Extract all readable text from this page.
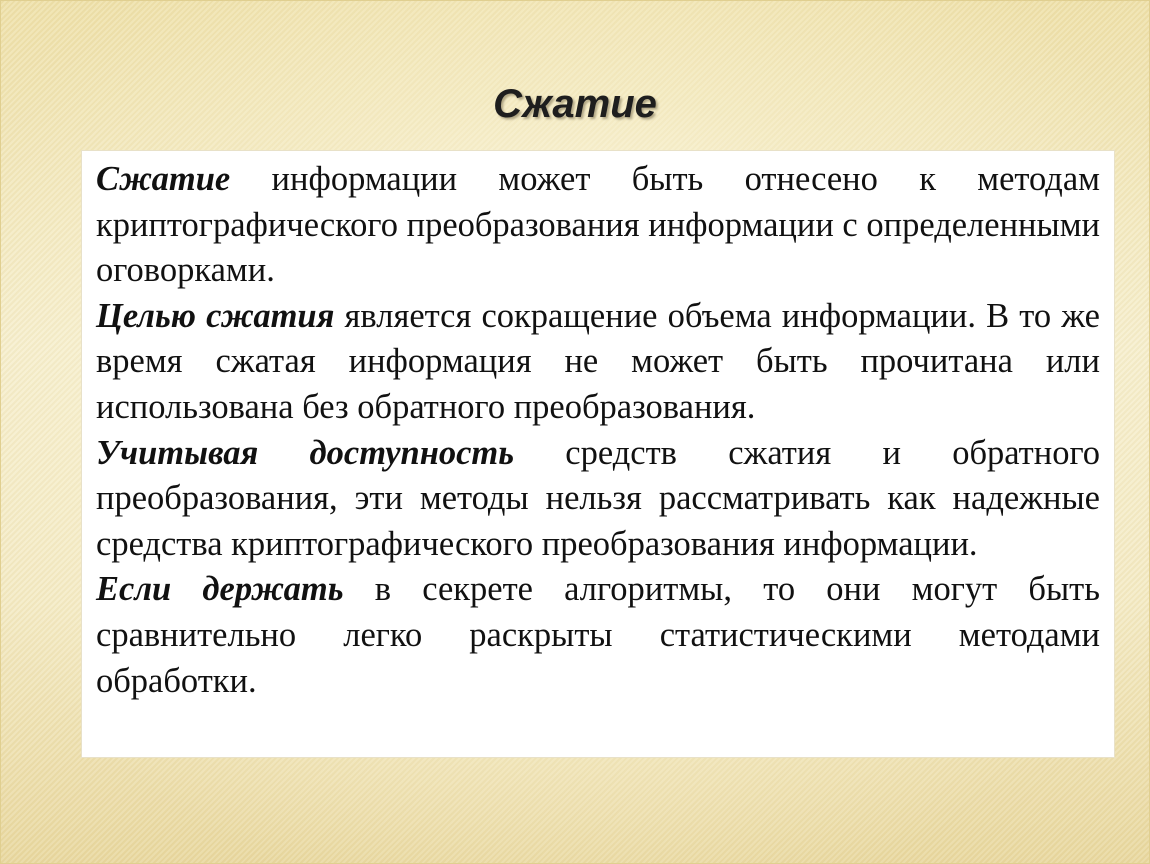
Сжатие

Сжатие информации может быть отнесено к методам криптографического преобразования информации с определенными оговорками.

Целью сжатия является сокращение объема информации. В то же время сжатая информация не может быть прочитана или использована без обратного преобразования.

Учитывая доступность средств сжатия и обратного преобразования, эти методы нельзя рассматривать как надежные средства криптографического преобразования информации.

Если держать в секрете алгоритмы, то они могут быть сравнительно легко раскрыты статистическими методами обработки.
